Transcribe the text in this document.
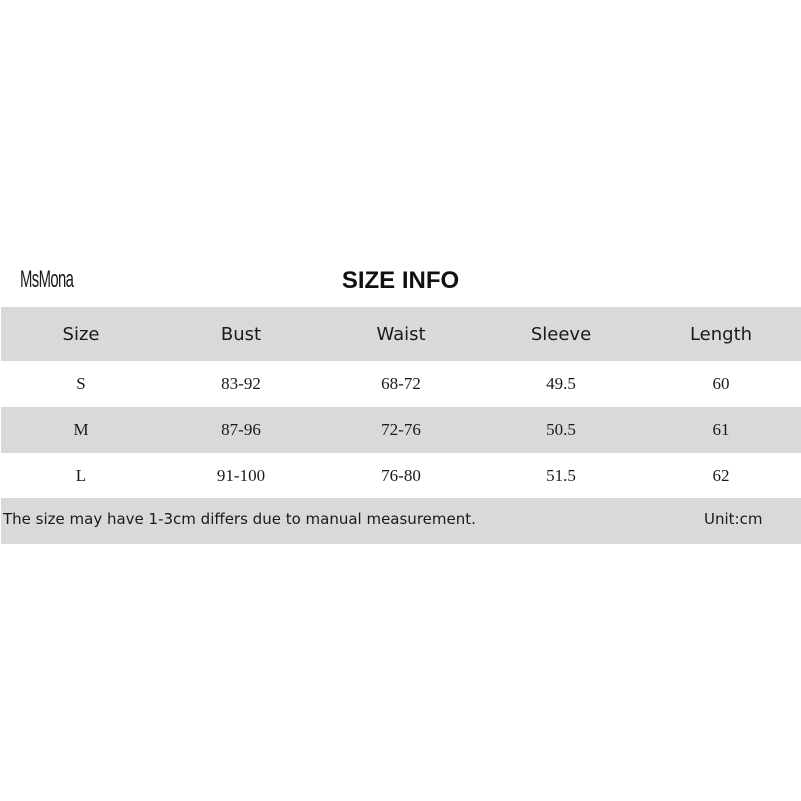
MsMona	SIZE INFO
Size	Bust	Waist	Sleeve	Length
S	83-92	68-72	49.5	60
M	87-96	72-76	50.5	61
L	91-100	76-80	51.5	62
The size may have 1-3cm differs due to manual measurement.	Unit:cm
